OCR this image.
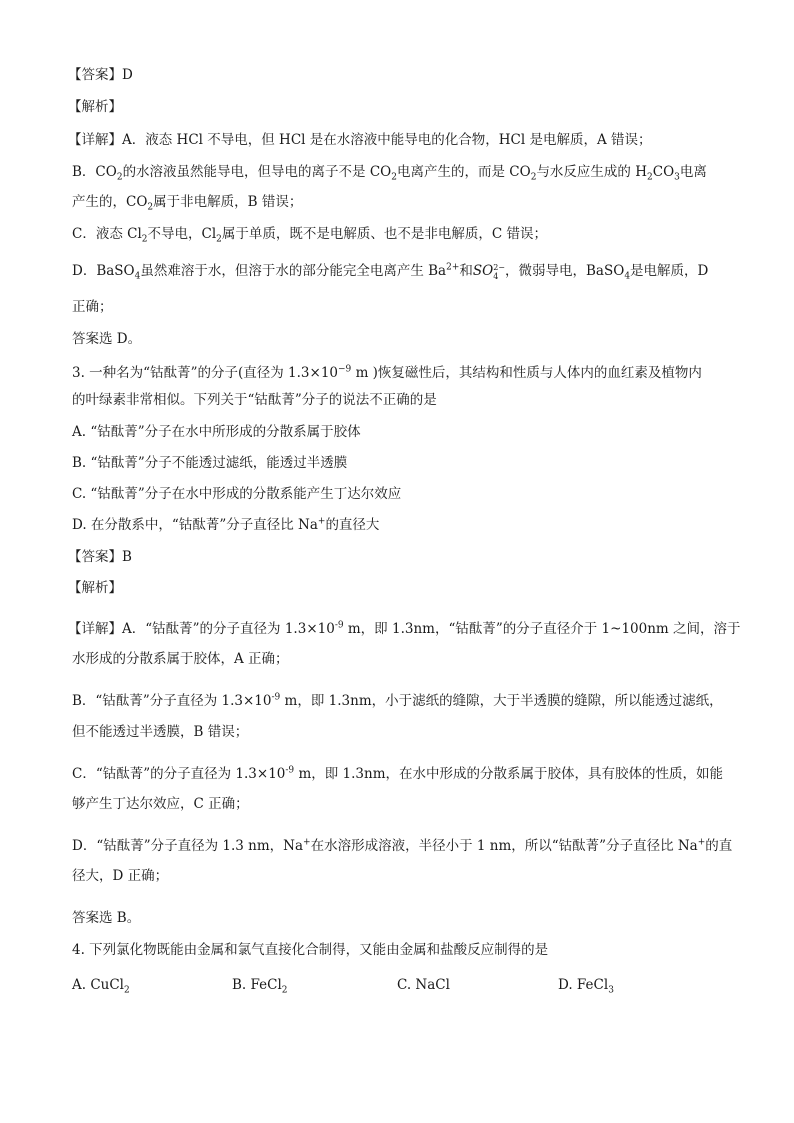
【答案】D
【解析】
【详解】A．液态 HCl 不导电，但 HCl 是在水溶液中能导电的化合物，HCl 是电解质，A 错误；
B．$CO_2$的水溶液虽然能导电，但导电的离子不是 $CO_2$电离产生的，而是 $CO_2$与水反应生成的 $H_2CO_3$电离
产生的，$CO_2$属于非电解质，B 错误；
C．液态 $Cl_2$不导电，$Cl_2$属于单质，既不是电解质、也不是非电解质，C 错误；
D．BaSO$_4$虽然难溶于水，但溶于水的部分能完全电离产生 $Ba^{2+}$和SO 2−
4 ，微弱导电，BaSO$_4$是电解质，D
正确；
答案选 D。
3. 一种名为“钴酞菁”的分子(直径为 $1.3\times 10^{-9}$ m )恢复磁性后，其结构和性质与人体内的血红素及植物内
的叶绿素非常相似。下列关于“钴酞菁”分子的说法不正确的是
A. “钴酞菁”分子在水中所形成的分散系属于胶体
B. “钴酞菁”分子不能透过滤纸，能透过半透膜
C. “钴酞菁”分子在水中形成的分散系能产生丁达尔效应
D. 在分散系中，“钴酞菁”分子直径比 Na+的直径大
【答案】B
【解析】
【详解】A．“钴酞菁”的分子直径为 $1.3\times 10^{-9}$ m，即 1.3nm，“钴酞菁”的分子直径介于 1~100nm 之间，溶于
水形成的分散系属于胶体，A 正确；
B．“钴酞菁”分子直径为 $1.3\times 10^{-9}$ m，即 1.3nm，小于滤纸的缝隙，大于半透膜的缝隙，所以能透过滤纸，
但不能透过半透膜，B 错误；
C．“钴酞菁”的分子直径为 $1.3\times 10^{-9}$ m，即 1.3nm，在水中形成的分散系属于胶体，具有胶体的性质，如能
够产生丁达尔效应，C 正确；
D．“钴酞菁”分子直径为 1.3 nm，Na+在水溶形成溶液，半径小于 1 nm，所以“钴酞菁”分子直径比 Na+的直
径大，D 正确；
答案选 B。
4. 下列氯化物既能由金属和氯气直接化合制得，又能由金属和盐酸反应制得的是
A. CuCl$_2$	B. FeCl$_2$	C. NaCl	D. FeCl$_3$
